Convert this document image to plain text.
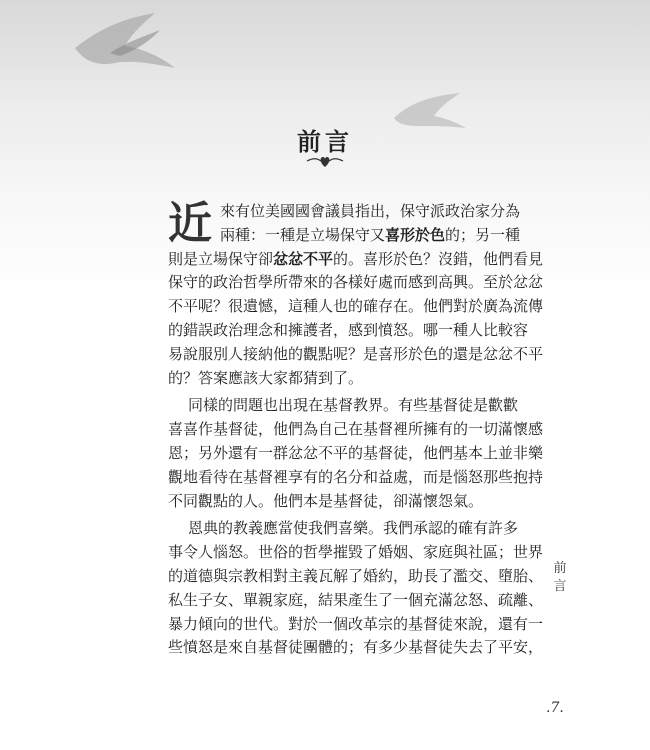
前言
近 來有位美國國會議員指出，保守派政治家分為
兩種：一種是立場保守又喜形於色的；另一種
則是立場保守卻忿忿不平的。喜形於色？沒錯，他們看見
保守的政治哲學所帶來的各樣好處而感到高興。至於忿忿
不平呢？很遺憾，這種人也的確存在。他們對於廣為流傳
的錯誤政治理念和擁護者，感到憤怒。哪一種人比較容
易說服別人接納他的觀點呢？是喜形於色的還是忿忿不平
的？答案應該大家都猜到了。
同樣的問題也出現在基督教界。有些基督徒是歡歡
喜喜作基督徒，他們為自己在基督裡所擁有的一切滿懷感
恩；另外還有一群忿忿不平的基督徒，他們基本上並非樂
觀地看待在基督裡享有的名分和益處，而是惱怒那些抱持
不同觀點的人。他們本是基督徒，卻滿懷怨氣。
恩典的教義應當使我們喜樂。我們承認的確有許多
事令人惱怒。世俗的哲學摧毀了婚姻、家庭與社區；世界
的道德與宗教相對主義瓦解了婚約，助長了濫交、墮胎、
私生子女、單親家庭，結果產生了一個充滿忿怒、疏離、
暴力傾向的世代。對於一個改革宗的基督徒來說，還有一
些憤怒是來自基督徒團體的；有多少基督徒失去了平安，
前
言
.7.
